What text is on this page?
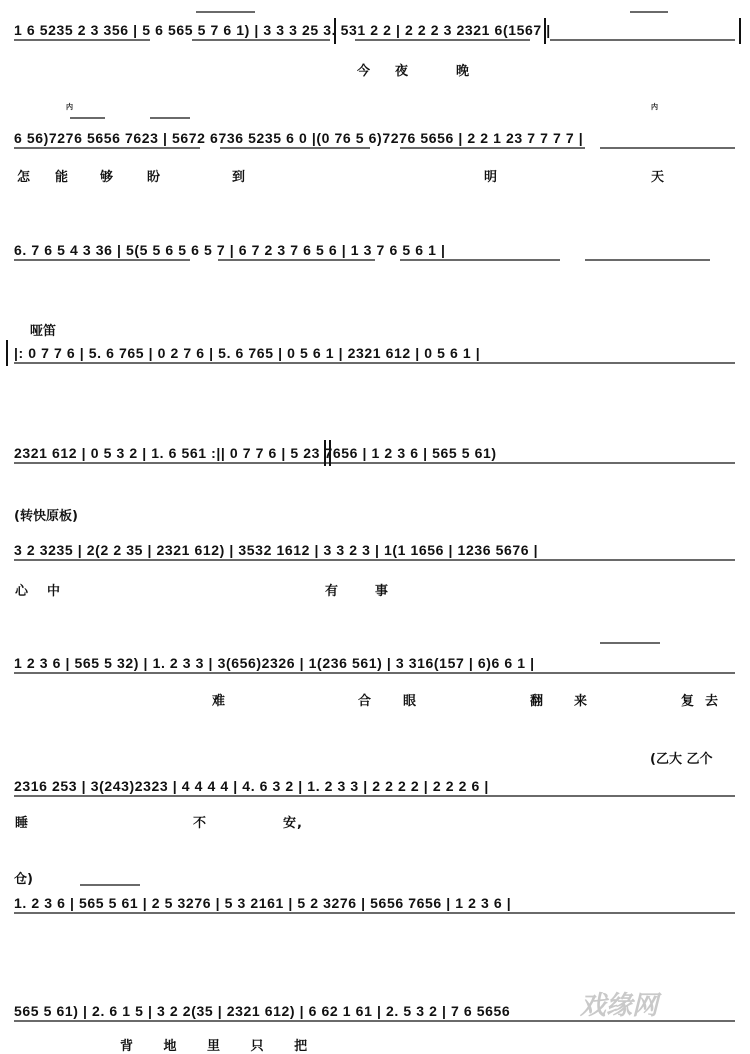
1 6 5235 2 3 356 | 5 6 565 5 7 6 1) | 3 3 3 25 3. 531 2 2 | 2 2 2 3 2321 6(1567 |
今 夜	晚
内	内
6 56)7276 5656 7623 | 5672 6736 5235 6 0 |(0 76 5 6)7276 5656 | 2 2 1 23 7 7 7 7 |
怎 能 够	盼	到	明	天
6. 7 6 5 4 3 36 | 5(5 5 6 5 6 5 7 | 6 7 2 3 7 6 5 6 | 1 3 7 6 5 6 1 |
哑笛
|: 0 7 7 6 | 5. 6 765 | 0 2 7 6 | 5. 6 765 | 0 5 6 1 | 2321 612 | 0 5 6 1 |
2321 612 | 0 5 3 2 | 1. 6 561 :|| 0 7 7 6 | 5 23 7656 | 1 2 3 6 | 565 5 61)
(转快原板)
3 2 3235 | 2(2 2 35 | 2321 612) | 3532 1612 | 3 3 2 3 | 1(1 1656 | 1236 5676 |
心 中	有	事
1 2 3 6 | 565 5 32) | 1. 2 3 3 | 3(656)2326 | 1(236 561) | 3 316(157 | 6)6 6 1 |
难	合 眼	翻 来	复 去
(乙大 乙个
2316 253 | 3(243)2323 | 4 4 4 4 | 4. 6 3 2 | 1. 2 3 3 | 2 2 2 2 | 2 2 2 6 |
睡	不	安,
仓)
1. 2 3 6 | 565 5 61 | 2 5 3276 | 5 3 2161 | 5 2 3276 | 5656 7656 | 1 2 3 6 |
565 5 61) | 2. 6 1 5 | 3 2 2(35 | 2321 612) | 6 62 1 61 | 2. 5 3 2 | 7 6 5656
背 地 里 只 把
戏缘网
